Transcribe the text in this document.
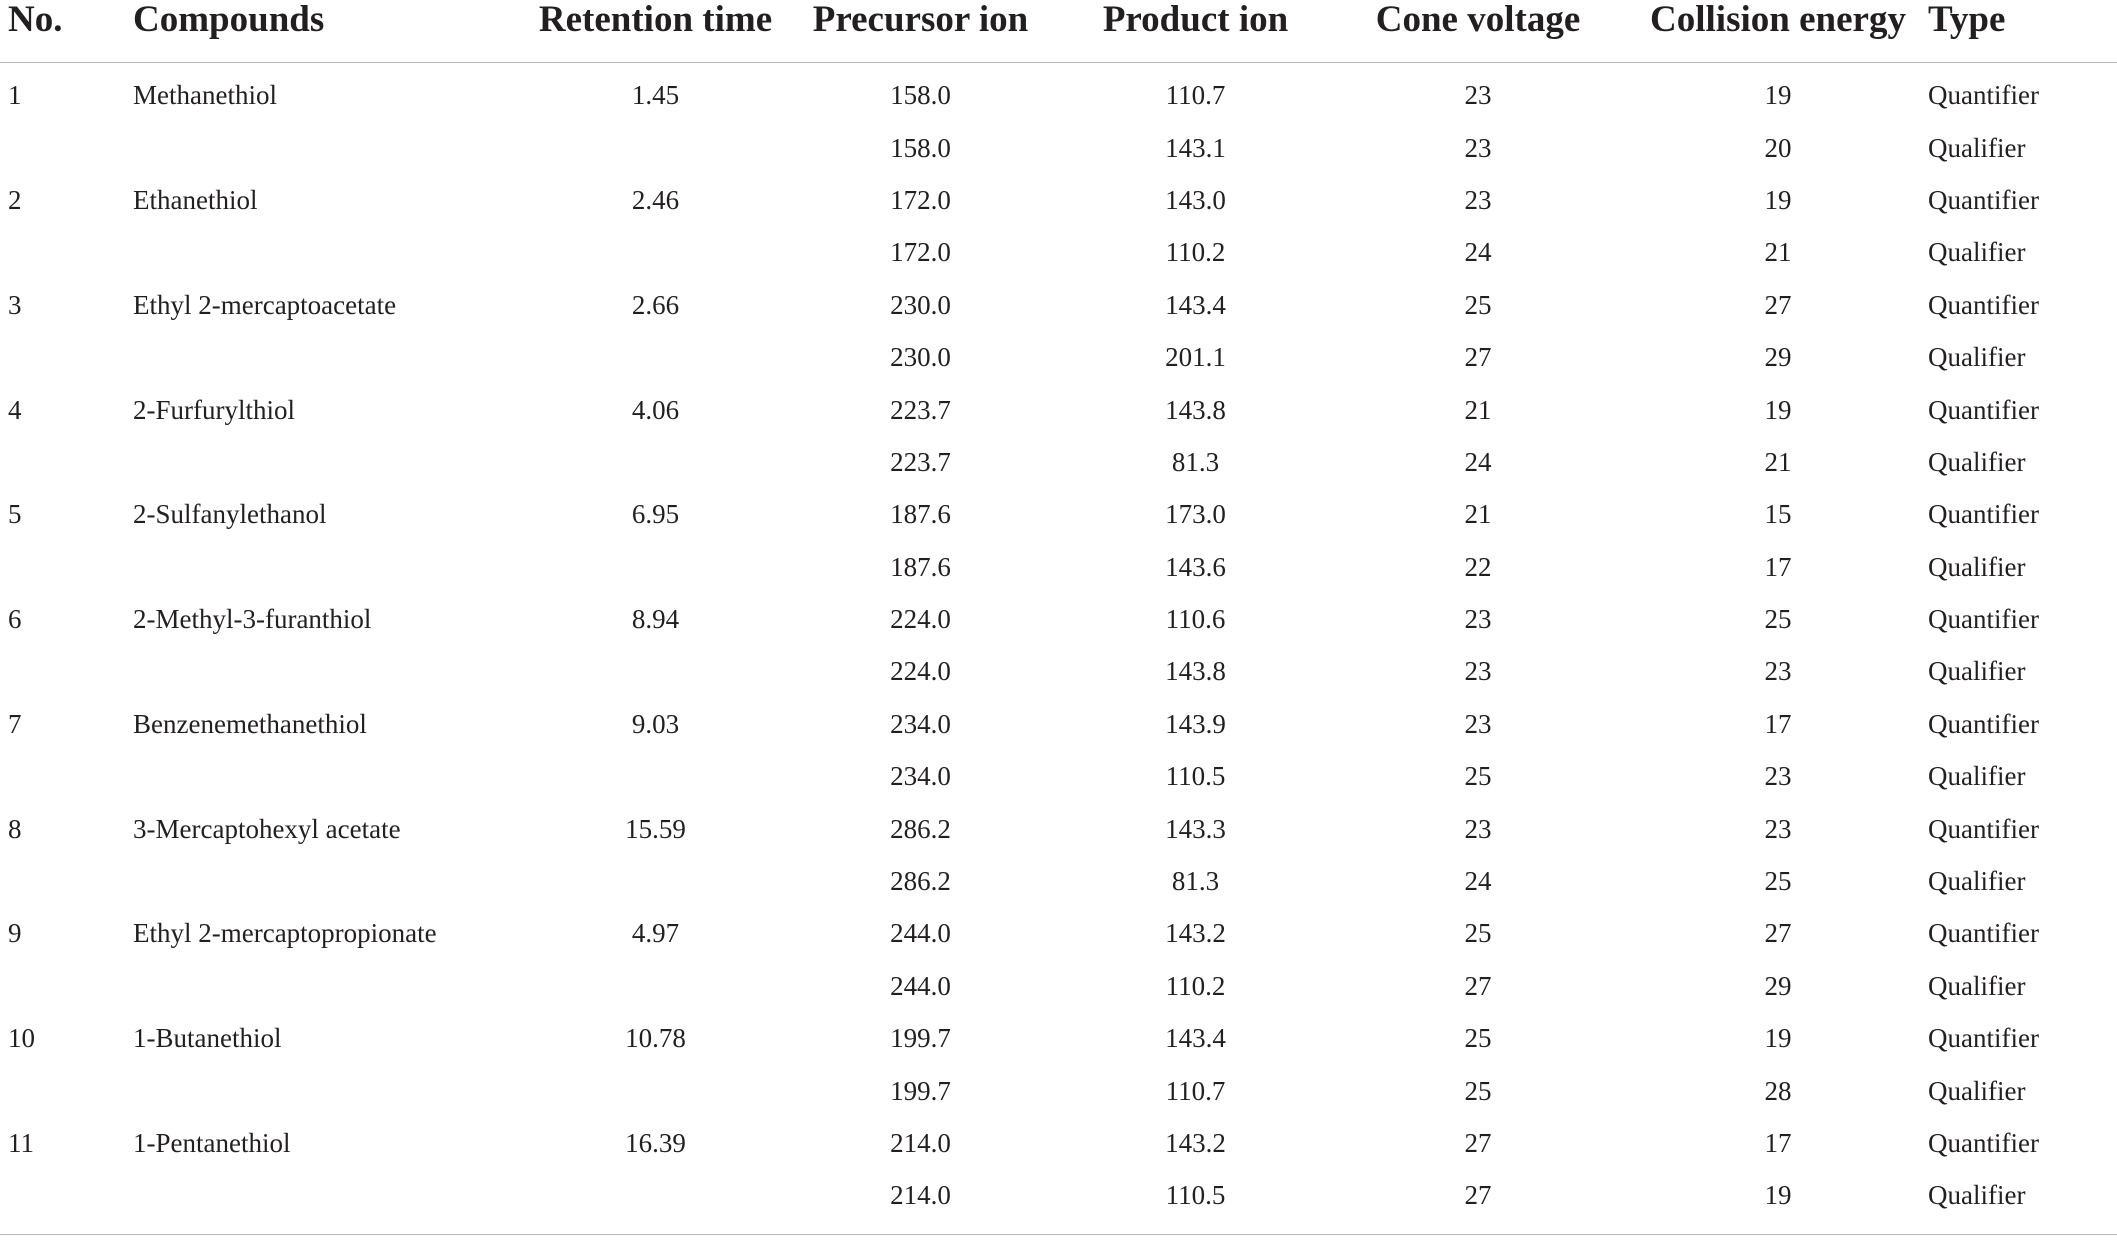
No.	Compounds	Retention time	Precursor ion	Product ion	Cone voltage	Collision energy	Type
1	Methanethiol	1.45	158.0	110.7	23	19	Quantifier
			158.0	143.1	23	20	Qualifier
2	Ethanethiol	2.46	172.0	143.0	23	19	Quantifier
			172.0	110.2	24	21	Qualifier
3	Ethyl 2-mercaptoacetate	2.66	230.0	143.4	25	27	Quantifier
			230.0	201.1	27	29	Qualifier
4	2-Furfurylthiol	4.06	223.7	143.8	21	19	Quantifier
			223.7	81.3	24	21	Qualifier
5	2-Sulfanylethanol	6.95	187.6	173.0	21	15	Quantifier
			187.6	143.6	22	17	Qualifier
6	2-Methyl-3-furanthiol	8.94	224.0	110.6	23	25	Quantifier
			224.0	143.8	23	23	Qualifier
7	Benzenemethanethiol	9.03	234.0	143.9	23	17	Quantifier
			234.0	110.5	25	23	Qualifier
8	3-Mercaptohexyl acetate	15.59	286.2	143.3	23	23	Quantifier
			286.2	81.3	24	25	Qualifier
9	Ethyl 2-mercaptopropionate	4.97	244.0	143.2	25	27	Quantifier
			244.0	110.2	27	29	Qualifier
10	1-Butanethiol	10.78	199.7	143.4	25	19	Quantifier
			199.7	110.7	25	28	Qualifier
11	1-Pentanethiol	16.39	214.0	143.2	27	17	Quantifier
			214.0	110.5	27	19	Qualifier
